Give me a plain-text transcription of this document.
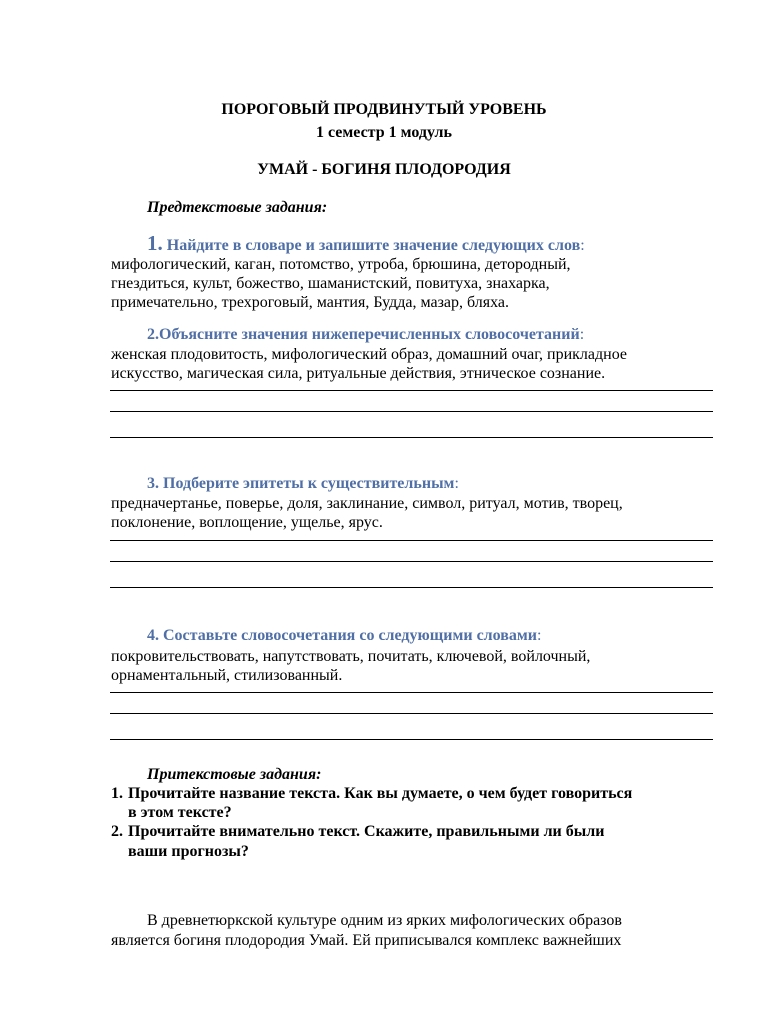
ПОРОГОВЫЙ ПРОДВИНУТЫЙ УРОВЕНЬ
1 семестр 1 модуль
УМАЙ - БОГИНЯ ПЛОДОРОДИЯ
Предтекстовые задания:
1. Найдите в словаре и запишите значение следующих слов:
мифологический, каган, потомство, утроба, брюшина, детородный,
гнездиться, культ, божество, шаманистский, повитуха, знахарка,
примечательно, трехроговый, мантия, Будда, мазар, бляха.
2.Объясните значения нижеперечисленных словосочетаний:
женская плодовитость, мифологический образ, домашний очаг, прикладное
искусство, магическая сила, ритуальные действия, этническое сознание.
3. Подберите эпитеты к существительным:
предначертанье, поверье, доля, заклинание, символ, ритуал, мотив, творец,
поклонение, воплощение, ущелье, ярус.
4. Составьте словосочетания со следующими словами:
покровительствовать, напутствовать, почитать, ключевой, войлочный,
орнаментальный, стилизованный.
Притекстовые задания:
1. Прочитайте название текста. Как вы думаете, о чем будет говориться
в этом тексте?
2. Прочитайте внимательно текст. Скажите, правильными ли были
ваши прогнозы?
В древнетюркской культуре одним из ярких мифологических образов
является богиня плодородия Умай. Ей приписывался комплекс важнейших
